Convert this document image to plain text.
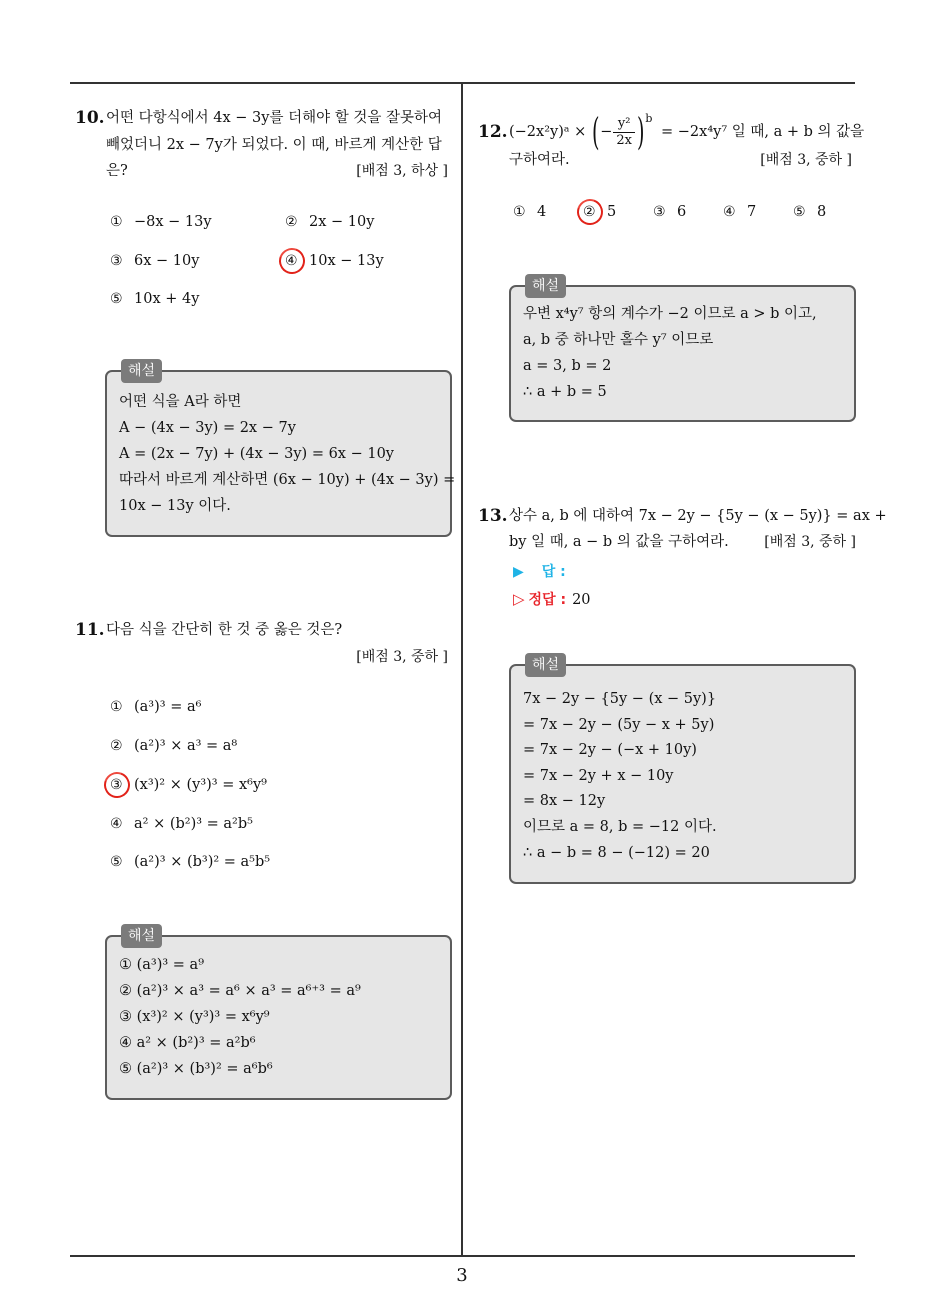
10. 어떤 다항식에서 4x − 3y를 더해야 할 것을 잘못하여
빼었더니 2x − 7y가 되었다. 이 때, 바르게 계산한 답
은?	[배점 3, 하상 ]
① −8x − 13y	② 2x − 10y
③ 6x − 10y	④ 10x − 13y
⑤ 10x + 4y
해설
어떤 식을 A라 하면
A − (4x − 3y) = 2x − 7y
A = (2x − 7y) + (4x − 3y) = 6x − 10y
따라서 바르게 계산하면 (6x − 10y) + (4x − 3y) =
10x − 13y 이다.
11. 다음 식을 간단히 한 것 중 옳은 것은?
[배점 3, 중하 ]
① (a³)³ = a⁶
② (a²)³ × a³ = a⁸
③ (x³)² × (y³)³ = x⁶y⁹
④ a² × (b²)³ = a²b⁵
⑤ (a²)³ × (b³)² = a⁵b⁵
해설
① (a³)³ = a⁹
② (a²)³ × a³ = a⁶ × a³ = a⁶⁺³ = a⁹
③ (x³)² × (y³)³ = x⁶y⁹
④ a² × (b²)³ = a²b⁶
⑤ (a²)³ × (b³)² = a⁶b⁶
12. (−2x²y)ᵃ × (− $\frac{\text{y²}}{2x} )^b = -2x^4y^7$ 일 때, a + b 의 값을
구하여라.	[배점 3, 중하 ]
① 4	② 5	③ 6	④ 7	⑤ 8
해설
우변 x⁴y⁷ 항의 계수가 −2 이므로 a > b 이고,
a, b 중 하나만 홀수 y⁷ 이므로
a = 3, b = 2
∴ a + b = 5
13. 상수 a, b 에 대하여 7x − 2y − {5y − (x − 5y)} = ax +
by 일 때, a − b 의 값을 구하여라.	[배점 3, 중하 ]
▶ 답 :
▷ 정답 : 20
해설
7x − 2y − {5y − (x − 5y)}
= 7x − 2y − (5y − x + 5y)
= 7x − 2y − (−x + 10y)
= 7x − 2y + x − 10y
= 8x − 12y
이므로 a = 8, b = −12 이다.
∴ a − b = 8 − (−12) = 20
3
